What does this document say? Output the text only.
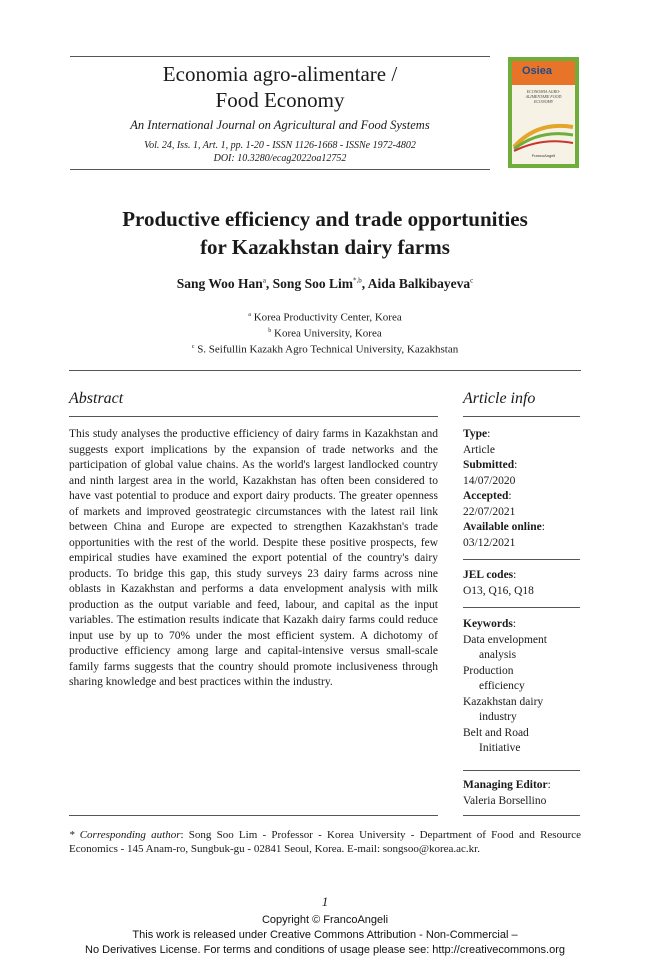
Economia agro-alimentare /
Food Economy
An International Journal on Agricultural and Food Systems
Vol. 24, Iss. 1, Art. 1, pp. 1-20 - ISSN 1126-1668 - ISSNe 1972-4802
DOI: 10.3280/ecag2022oa12752
Osiea
ECONOMIA AGRO-ALIMENTARE FOOD ECONOMY
FrancoAngeli
Productive efficiency and trade opportunities
for Kazakhstan dairy farms
Sang Woo Han$^a$, Song Soo Lim$^{*,b}$, Aida Balkibayeva$^c$
$^a$ Korea Productivity Center, Korea
$^b$ Korea University, Korea
$^c$ S. Seifullin Kazakh Agro Technical University, Kazakhstan
Abstract
This study analyses the productive efficiency of dairy farms in Kazakhstan and suggests export implications by the expansion of trade networks and the participation of global value chains. As the world's largest landlocked country and ninth largest area in the world, Kazakhstan has often been considered to have vast potential to produce and export dairy products. The greater openness of markets and improved geostrategic circumstances with the latest rail link between China and Europe are expected to strengthen Kazakhstan's trade opportunities with the rest of the world. Despite these positive prospects, few empirical studies have examined the export potential of the country's dairy products. To bridge this gap, this study surveys 23 dairy farms across nine oblasts in Kazakhstan and performs a data envelopment analysis with milk production as the output variable and feed, labour, and capital as the input variables. The estimation results indicate that Kazakh dairy farms could reduce input use by up to 70% under the most efficient system. A dichotomy of productive efficiency among large and capital-intensive versus small-scale family farms suggests that the country should promote inclusiveness through sharing knowledge and best practices within the industry.
Article info
Type:
Article
Submitted:
14/07/2020
Accepted:
22/07/2021
Available online:
03/12/2021
JEL codes:
O13, Q16, Q18
Keywords:
Data envelopment
analysis
Production
efficiency
Kazakhstan dairy
industry
Belt and Road
Initiative
Managing Editor:
Valeria Borsellino
* Corresponding author: Song Soo Lim - Professor - Korea University - Department of Food and Resource Economics - 145 Anam-ro, Sungbuk-gu - 02841 Seoul, Korea. E-mail: songsoo@korea.ac.kr.
1
Copyright © FrancoAngeli
This work is released under Creative Commons Attribution - Non-Commercial –
No Derivatives License. For terms and conditions of usage please see: http://creativecommons.org
